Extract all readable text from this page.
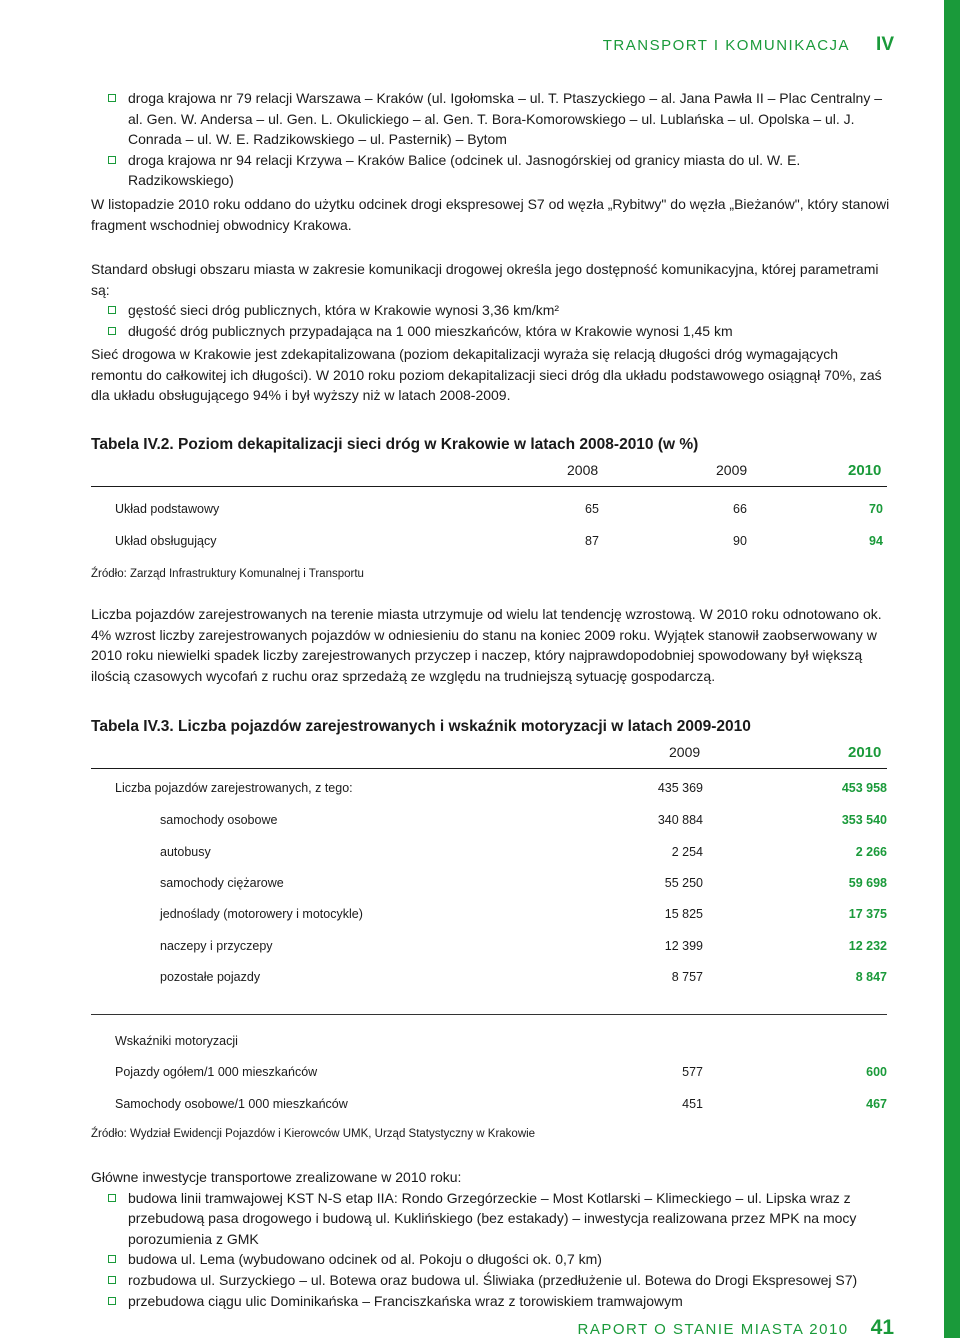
TRANSPORT I KOMUNIKACJA IV
droga krajowa nr 79 relacji Warszawa – Kraków (ul. Igołomska – ul. T. Ptaszyckiego – al. Jana Pawła II – Plac Centralny – al. Gen. W. Andersa – ul. Gen. L. Okulickiego – al. Gen. T. Bora-Komorowskiego – ul. Lublańska – ul. Opolska – ul. J. Conrada – ul. W. E. Radzikowskiego – ul. Pasternik) – Bytom
droga krajowa nr 94 relacji Krzywa – Kraków Balice (odcinek ul. Jasnogórskiej od granicy miasta do ul. W. E. Radzikowskiego)

W listopadzie 2010 roku oddano do użytku odcinek drogi ekspresowej S7 od węzła „Rybitwy" do węzła „Bieżanów", który stanowi fragment wschodniej obwodnicy Krakowa.

Standard obsługi obszaru miasta w zakresie komunikacji drogowej określa jego dostępność komunikacyjna, której parametrami są:

gęstość sieci dróg publicznych, która w Krakowie wynosi 3,36 km/km²
długość dróg publicznych przypadająca na 1 000 mieszkańców, która w Krakowie wynosi 1,45 km

Sieć drogowa w Krakowie jest zdekapitalizowana (poziom dekapitalizacji wyraża się relacją długości dróg wymagających remontu do całkowitej ich długości). W 2010 roku poziom dekapitalizacji sieci dróg dla układu podstawowego osiągnął 70%, zaś dla układu obsługującego 94% i był wyższy niż w latach 2008-2009.

Tabela IV.2. Poziom dekapitalizacji sieci dróg w Krakowie w latach 2008-2010 (w %)
2008	2009	2010
Układ podstawowy	65	66	70
Układ obsługujący	87	90	94
Źródło: Zarząd Infrastruktury Komunalnej i Transportu

Liczba pojazdów zarejestrowanych na terenie miasta utrzymuje od wielu lat tendencję wzrostową. W 2010 roku odnotowano ok. 4% wzrost liczby zarejestrowanych pojazdów w odniesieniu do stanu na koniec 2009 roku. Wyjątek stanowił zaobserwowany w 2010 roku niewielki spadek liczby zarejestrowanych przyczep i naczep, który najprawdopodobniej spowodowany był większą ilością czasowych wycofań z ruchu oraz sprzedażą ze względu na trudniejszą sytuację gospodarczą.

Tabela IV.3. Liczba pojazdów zarejestrowanych i wskaźnik motoryzacji w latach 2009-2010
2009	2010
Liczba pojazdów zarejestrowanych, z tego:	435 369	453 958
samochody osobowe	340 884	353 540
autobusy	2 254	2 266
samochody ciężarowe	55 250	59 698
jednoślady (motorowery i motocykle)	15 825	17 375
naczepy i przyczepy	12 399	12 232
pozostałe pojazdy	8 757	8 847
Wskaźniki motoryzacji
Pojazdy ogółem/1 000 mieszkańców	577	600
Samochody osobowe/1 000 mieszkańców	451	467
Źródło: Wydział Ewidencji Pojazdów i Kierowców UMK, Urząd Statystyczny w Krakowie

Główne inwestycje transportowe zrealizowane w 2010 roku:

budowa linii tramwajowej KST N-S etap IIA: Rondo Grzegórzeckie – Most Kotlarski – Klimeckiego – ul. Lipska wraz z przebudową pasa drogowego i budową ul. Kuklińskiego (bez estakady) – inwestycja realizowana przez MPK na mocy porozumienia z GMK
budowa ul. Lema (wybudowano odcinek od al. Pokoju o długości ok. 0,7 km)
rozbudowa ul. Surzyckiego – ul. Botewa oraz budowa ul. Śliwiaka (przedłużenie ul. Botewa do Drogi Ekspresowej S7)
przebudowa ciągu ulic Dominikańska – Franciszkańska wraz z torowiskiem tramwajowym
RAPORT O STANIE MIASTA 2010 41
